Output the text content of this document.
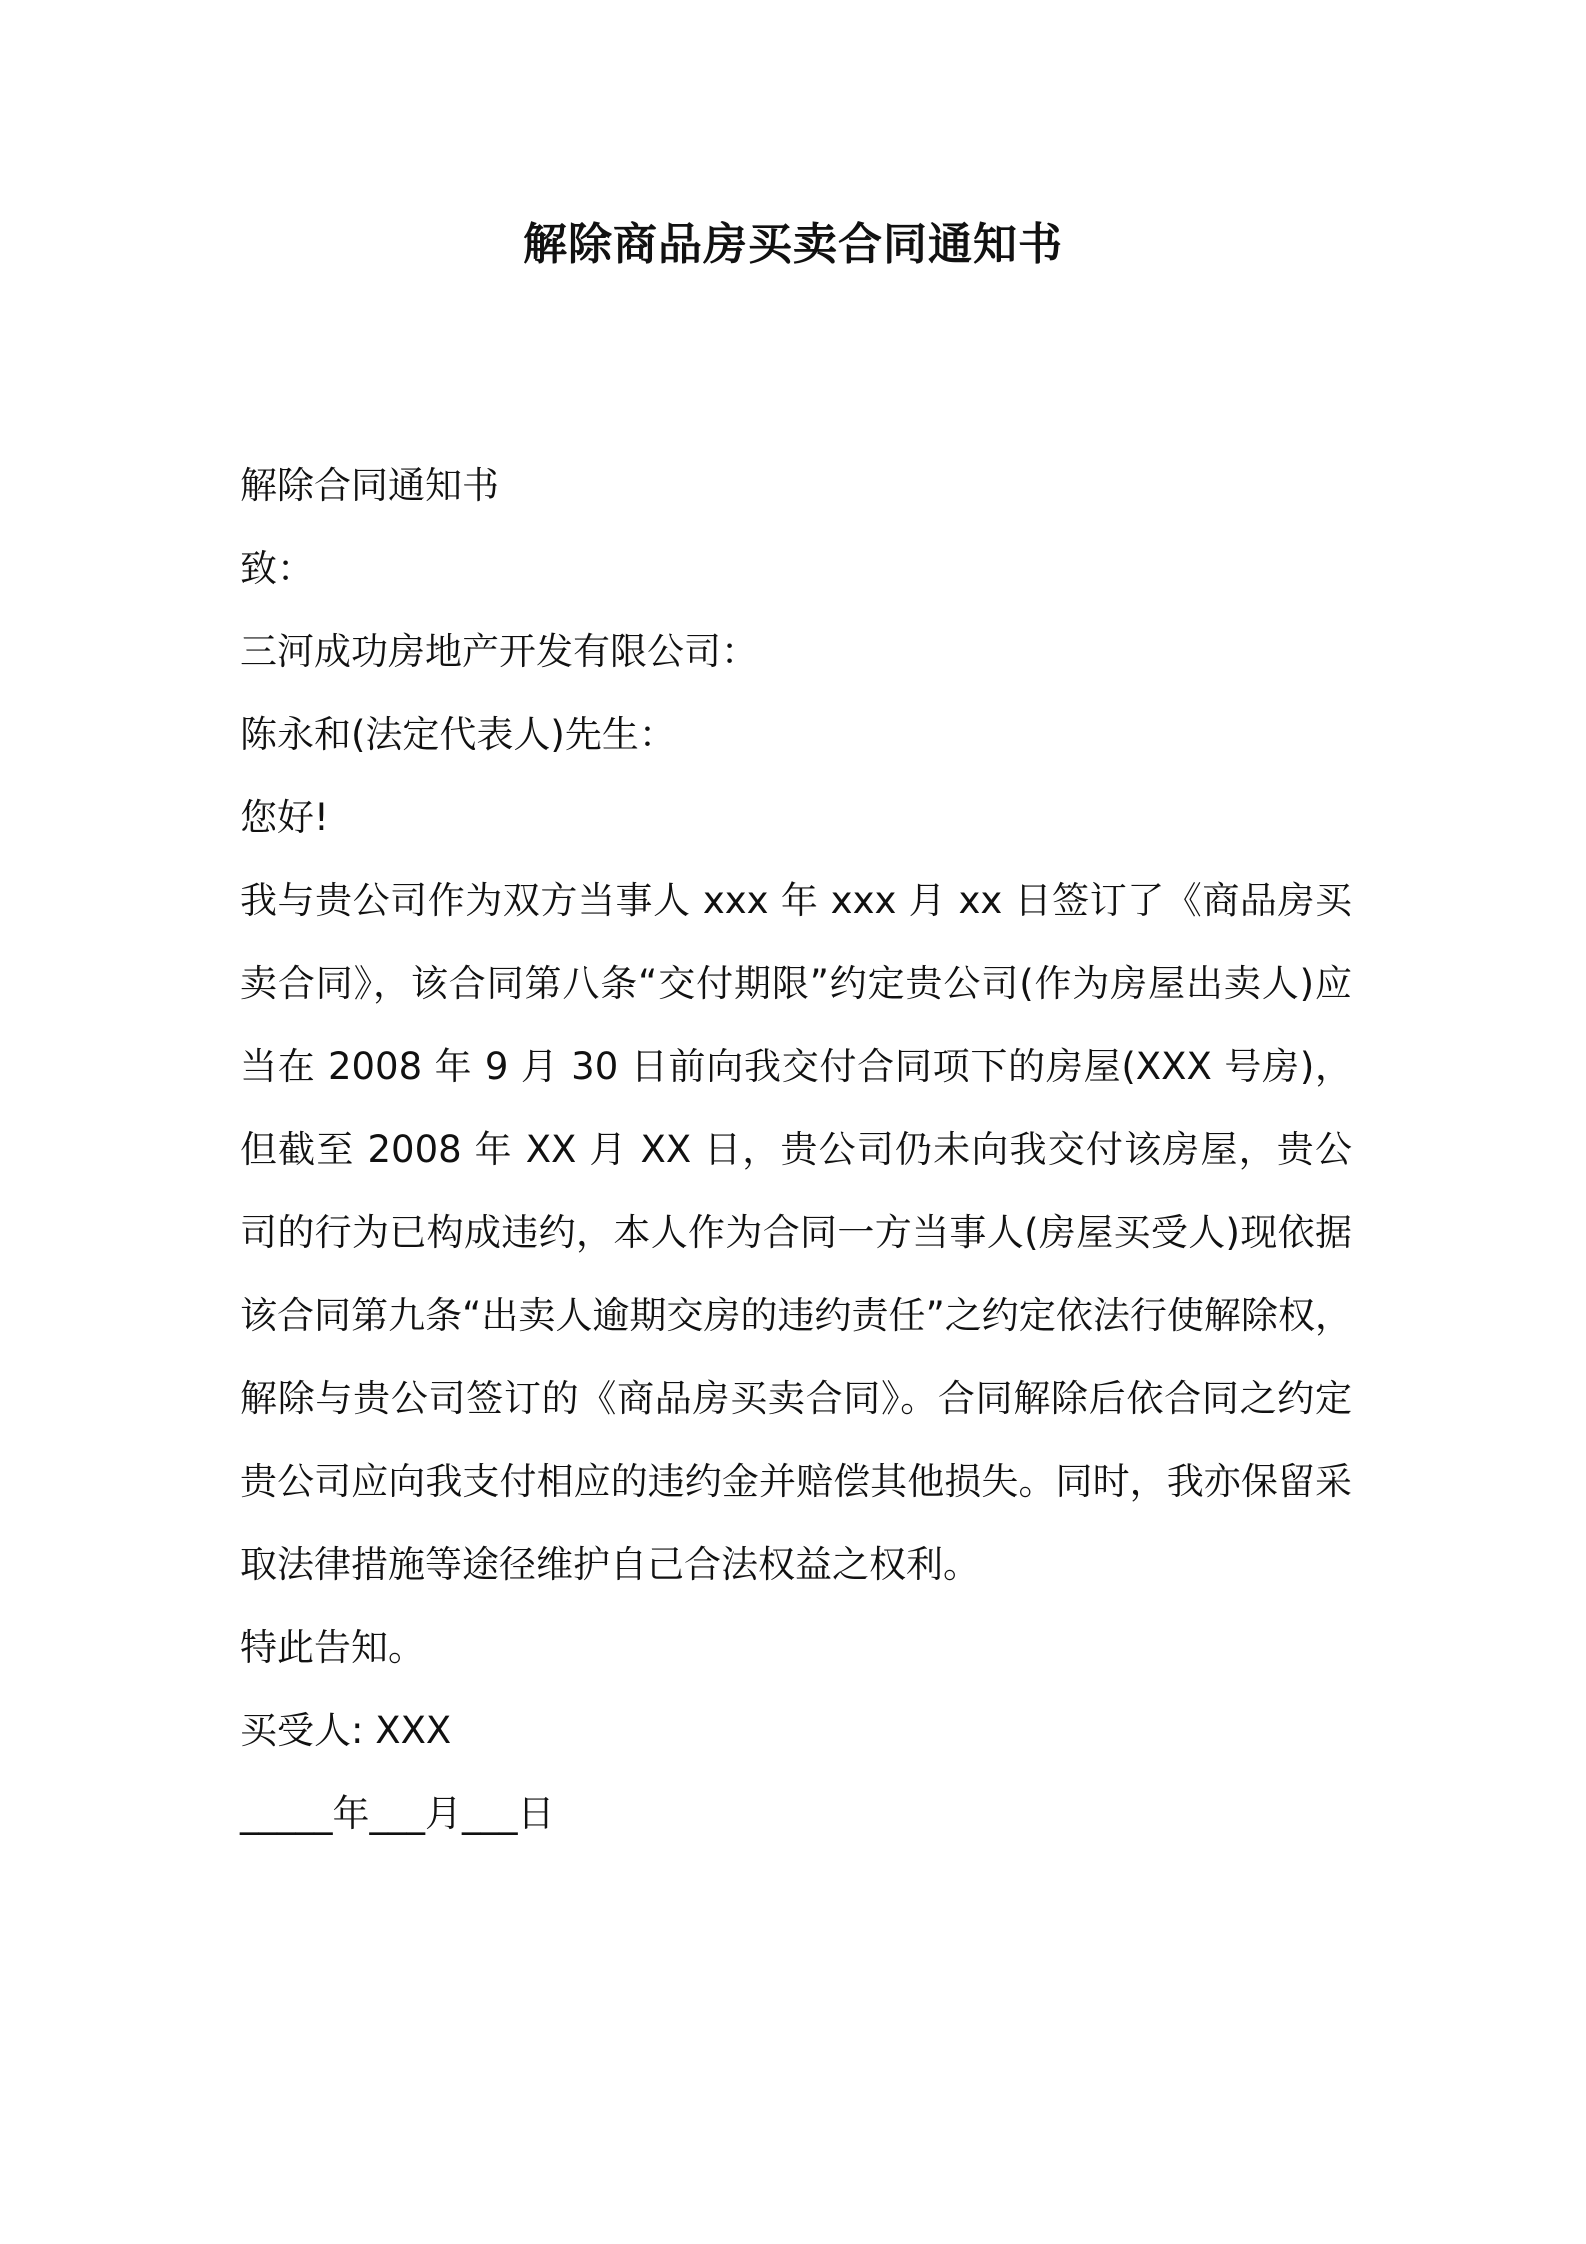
解除商品房买卖合同通知书

解除合同通知书

致：

三河成功房地产开发有限公司：

陈永和(法定代表人)先生：

您好!

我与贵公司作为双方当事人 xxx 年 xxx 月 xx 日签订了《商品房买卖合同》，该合同第八条“交付期限”约定贵公司(作为房屋出卖人)应当在 2008 年 9 月 30 日前向我交付合同项下的房屋(XXX 号房)，但截至 2008 年 XX 月 XX 日，贵公司仍未向我交付该房屋，贵公司的行为已构成违约，本人作为合同一方当事人(房屋买受人)现依据该合同第九条“出卖人逾期交房的违约责任”之约定依法行使解除权，解除与贵公司签订的《商品房买卖合同》。合同解除后依合同之约定贵公司应向我支付相应的违约金并赔偿其他损失。同时，我亦保留采取法律措施等途径维护自己合法权益之权利。

特此告知。

买受人: XXX

_____年___月___日
